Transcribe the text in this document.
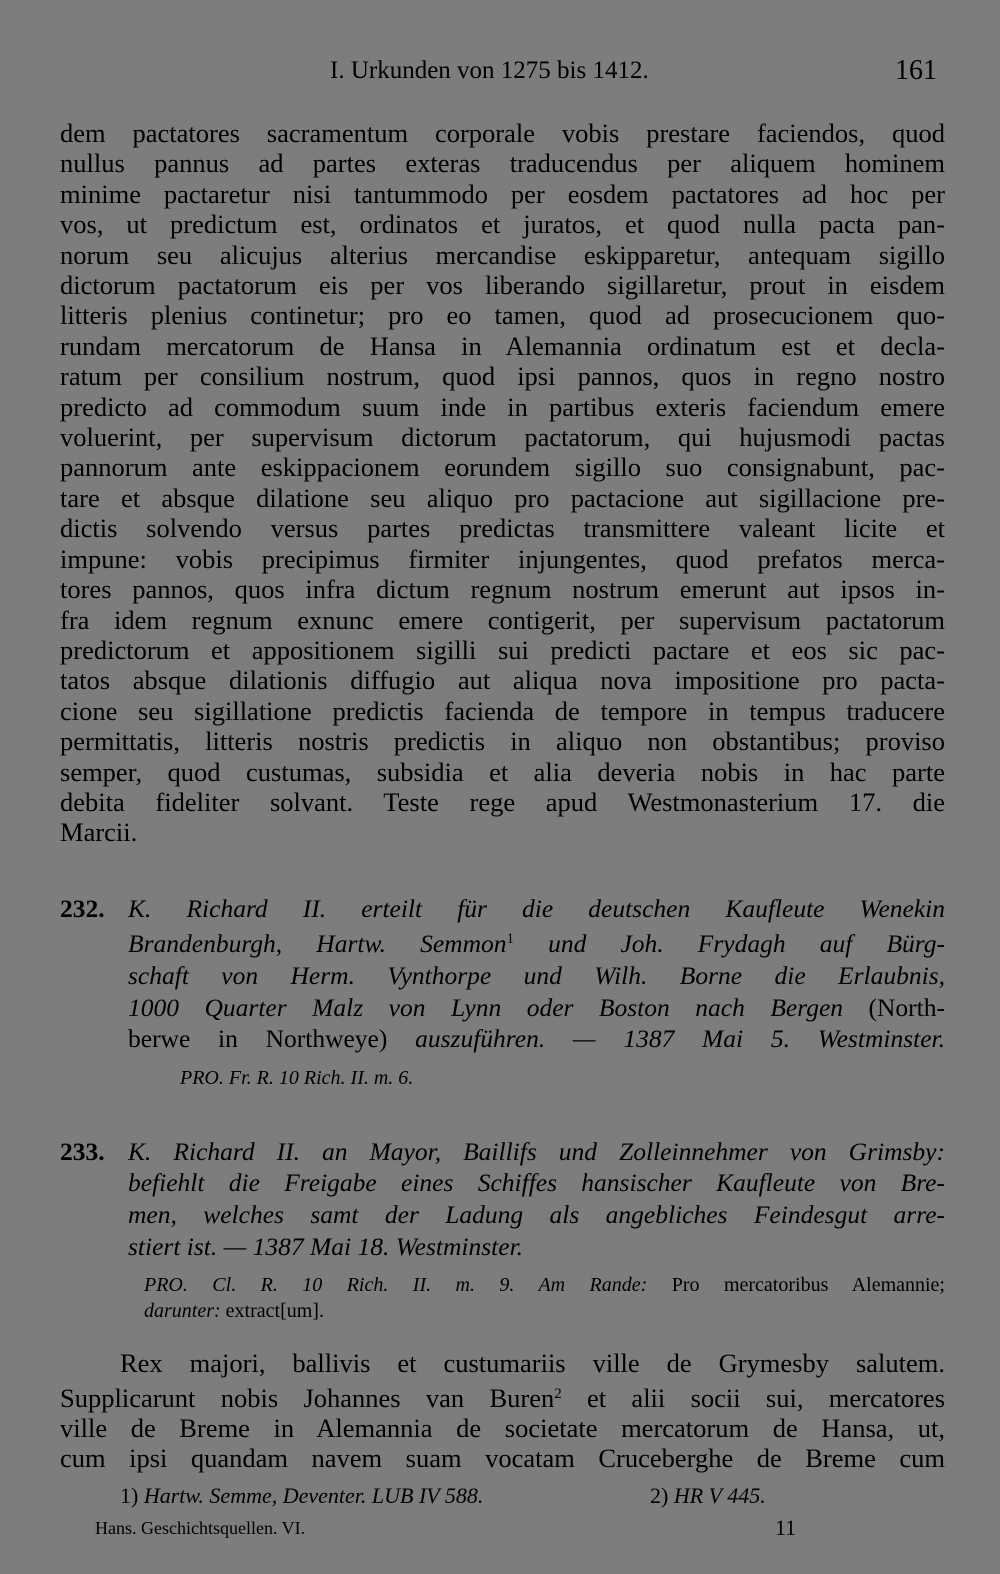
I. Urkunden von 1275 bis 1412.	161
dem pactatores sacramentum corporale vobis prestare faciendos, quod
nullus pannus ad partes exteras traducendus per aliquem hominem
minime pactaretur nisi tantummodo per eosdem pactatores ad hoc per
vos, ut predictum est, ordinatos et juratos, et quod nulla pacta pan-
norum seu alicujus alterius mercandise eskipparetur, antequam sigillo
dictorum pactatorum eis per vos liberando sigillaretur, prout in eisdem
litteris plenius continetur; pro eo tamen, quod ad prosecucionem quo-
rundam mercatorum de Hansa in Alemannia ordinatum est et decla-
ratum per consilium nostrum, quod ipsi pannos, quos in regno nostro
predicto ad commodum suum inde in partibus exteris faciendum emere
voluerint, per supervisum dictorum pactatorum, qui hujusmodi pactas
pannorum ante eskippacionem eorundem sigillo suo consignabunt, pac-
tare et absque dilatione seu aliquo pro pactacione aut sigillacione pre-
dictis solvendo versus partes predictas transmittere valeant licite et
impune: vobis precipimus firmiter injungentes, quod prefatos merca-
tores pannos, quos infra dictum regnum nostrum emerunt aut ipsos in-
fra idem regnum exnunc emere contigerit, per supervisum pactatorum
predictorum et appositionem sigilli sui predicti pactare et eos sic pac-
tatos absque dilationis diffugio aut aliqua nova impositione pro pacta-
cione seu sigillatione predictis facienda de tempore in tempus traducere
permittatis, litteris nostris predictis in aliquo non obstantibus; proviso
semper, quod custumas, subsidia et alia deveria nobis in hac parte
debita fideliter solvant. Teste rege apud Westmonasterium 17. die
Marcii.
232. K. Richard II. erteilt für die deutschen Kaufleute Wenekin
Brandenburgh, Hartw. Semmon$^1$ und Joh. Frydagh auf Bürg-
schaft von Herm. Vynthorpe und Wilh. Borne die Erlaubnis,
1000 Quarter Malz von Lynn oder Boston nach Bergen (North-
berwe in Northweye) auszuführen. — 1387 Mai 5. Westminster.
PRO. Fr. R. 10 Rich. II. m. 6.
233. K. Richard II. an Mayor, Baillifs und Zolleinnehmer von Grimsby:
befiehlt die Freigabe eines Schiffes hansischer Kaufleute von Bre-
men, welches samt der Ladung als angebliches Feindesgut arre-
stiert ist. — 1387 Mai 18. Westminster.
PRO. Cl. R. 10 Rich. II. m. 9. Am Rande: Pro mercatoribus Alemannie;
darunter: extract[um].
Rex majori, ballivis et custumariis ville de Grymesby salutem.
Supplicarunt nobis Johannes van Buren$^2$ et alii socii sui, mercatores
ville de Breme in Alemannia de societate mercatorum de Hansa, ut,
cum ipsi quandam navem suam vocatam Cruceberghe de Breme cum
1) Hartw. Semme, Deventer. LUB IV 588.	2) HR V 445.
Hans. Geschichtsquellen. VI.	11
